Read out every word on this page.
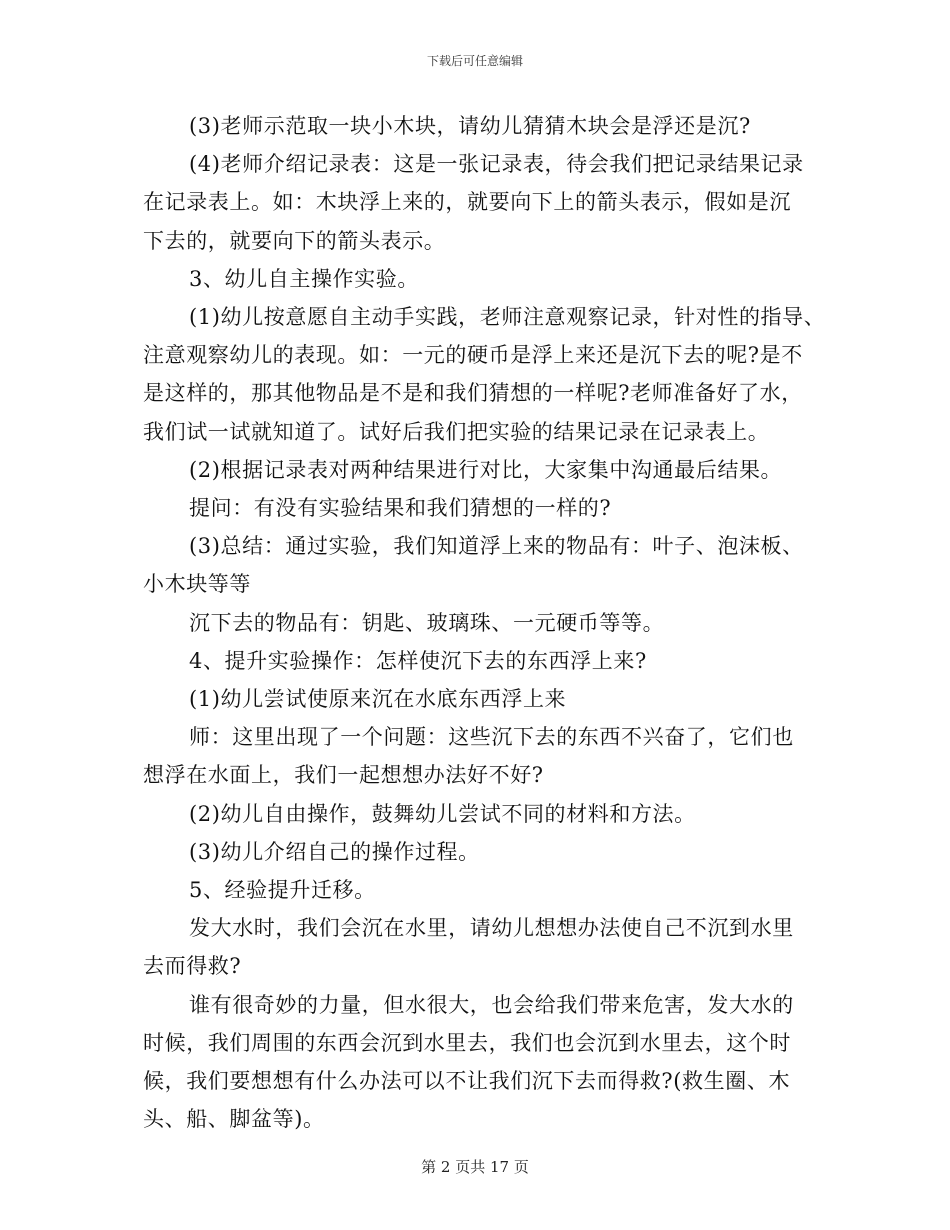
下载后可任意编辑

(3)老师示范取一块小木块，请幼儿猜猜木块会是浮还是沉?

(4)老师介绍记录表：这是一张记录表，待会我们把记录结果记录
在记录表上。如：木块浮上来的，就要向下上的箭头表示，假如是沉
下去的，就要向下的箭头表示。

3、幼儿自主操作实验。

(1)幼儿按意愿自主动手实践，老师注意观察记录，针对性的指导、
注意观察幼儿的表现。如：一元的硬币是浮上来还是沉下去的呢?是不
是这样的，那其他物品是不是和我们猜想的一样呢?老师准备好了水，
我们试一试就知道了。试好后我们把实验的结果记录在记录表上。

(2)根据记录表对两种结果进行对比，大家集中沟通最后结果。

提问：有没有实验结果和我们猜想的一样的?

(3)总结：通过实验，我们知道浮上来的物品有：叶子、泡沫板、
小木块等等

沉下去的物品有：钥匙、玻璃珠、一元硬币等等。

4、提升实验操作：怎样使沉下去的东西浮上来?

(1)幼儿尝试使原来沉在水底东西浮上来

师：这里出现了一个问题：这些沉下去的东西不兴奋了，它们也
想浮在水面上，我们一起想想办法好不好?

(2)幼儿自由操作，鼓舞幼儿尝试不同的材料和方法。

(3)幼儿介绍自己的操作过程。

5、经验提升迁移。

发大水时，我们会沉在水里，请幼儿想想办法使自己不沉到水里
去而得救?

谁有很奇妙的力量，但水很大，也会给我们带来危害，发大水的
时候，我们周围的东西会沉到水里去，我们也会沉到水里去，这个时
候，我们要想想有什么办法可以不让我们沉下去而得救?(救生圈、木
头、船、脚盆等)。

第 2 页共 17 页
